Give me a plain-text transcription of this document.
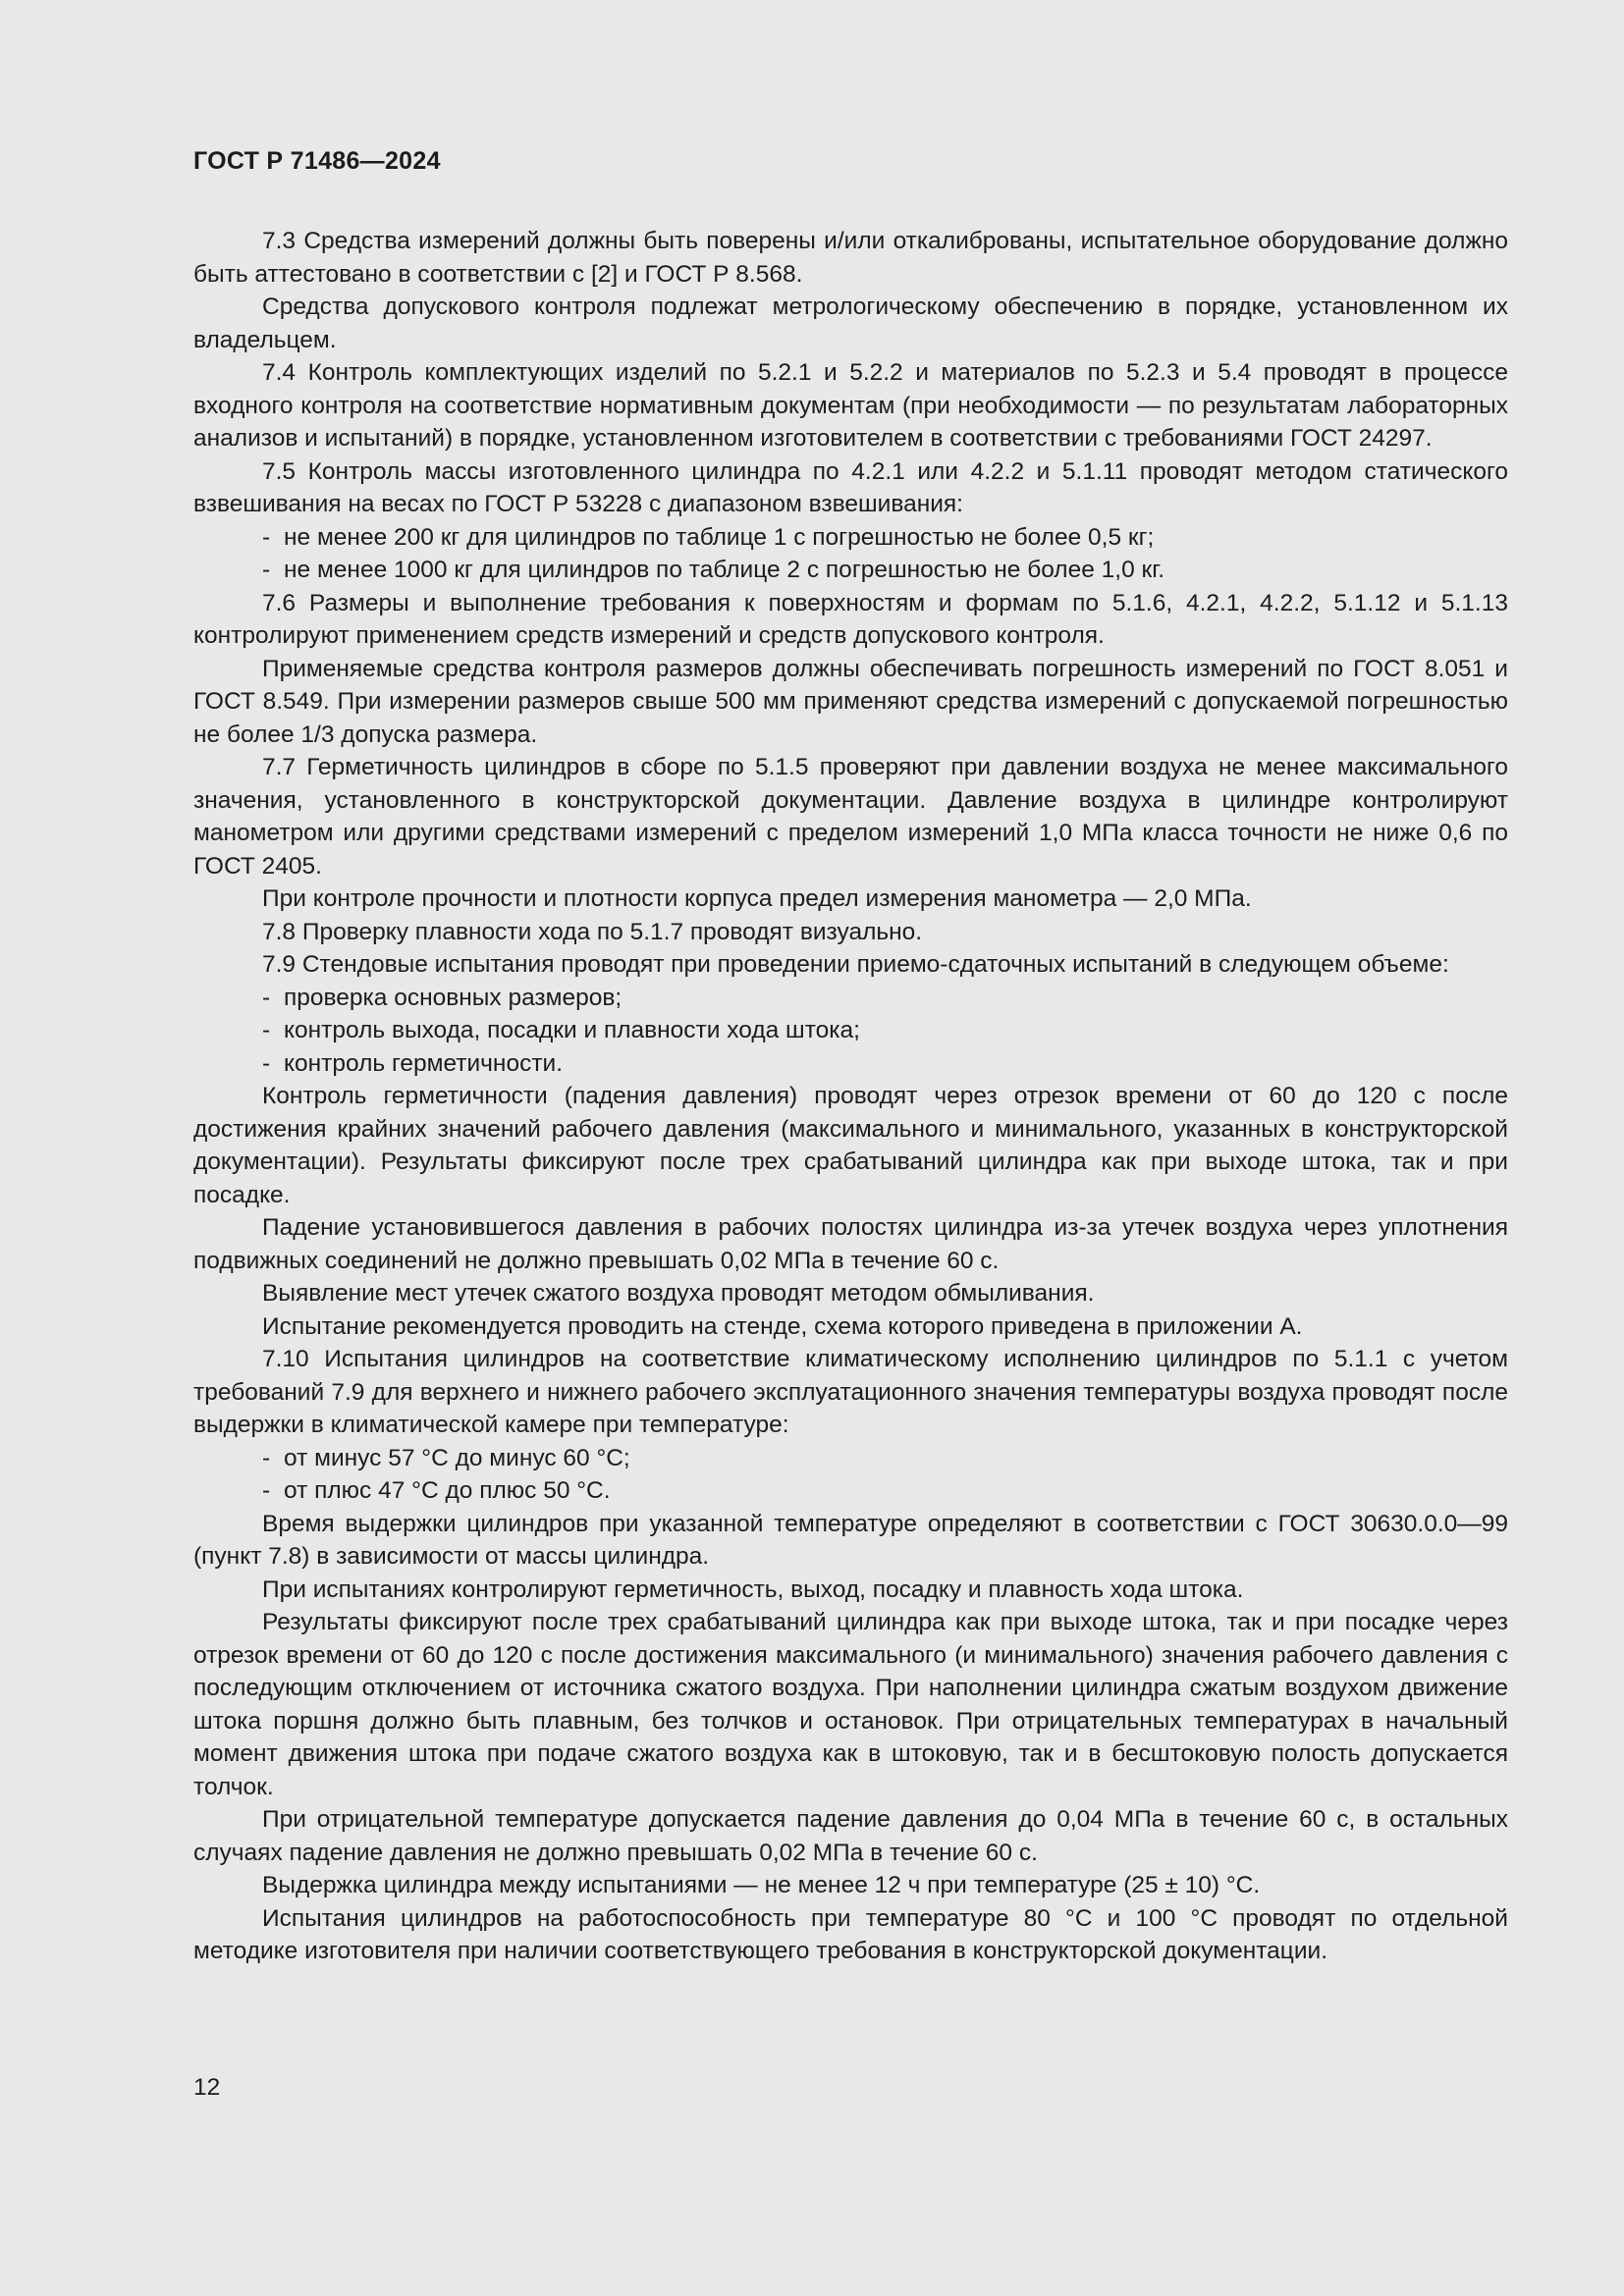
ГОСТ Р 71486—2024

7.3 Средства измерений должны быть поверены и/или откалиброваны, испытательное оборудование должно быть аттестовано в соответствии с [2] и ГОСТ Р 8.568.

Средства допускового контроля подлежат метрологическому обеспечению в порядке, установленном их владельцем.

7.4 Контроль комплектующих изделий по 5.2.1 и 5.2.2 и материалов по 5.2.3 и 5.4 проводят в процессе входного контроля на соответствие нормативным документам (при необходимости — по результатам лабораторных анализов и испытаний) в порядке, установленном изготовителем в соответствии с требованиями ГОСТ 24297.

7.5 Контроль массы изготовленного цилиндра по 4.2.1 или 4.2.2 и 5.1.11 проводят методом статического взвешивания на весах по ГОСТ Р 53228 с диапазоном взвешивания:

- не менее 200 кг для цилиндров по таблице 1 с погрешностью не более 0,5 кг;

- не менее 1000 кг для цилиндров по таблице 2 с погрешностью не более 1,0 кг.

7.6 Размеры и выполнение требования к поверхностям и формам по 5.1.6, 4.2.1, 4.2.2, 5.1.12 и 5.1.13 контролируют применением средств измерений и средств допускового контроля.

Применяемые средства контроля размеров должны обеспечивать погрешность измерений по ГОСТ 8.051 и ГОСТ 8.549. При измерении размеров свыше 500 мм применяют средства измерений с допускаемой погрешностью не более 1/3 допуска размера.

7.7 Герметичность цилиндров в сборе по 5.1.5 проверяют при давлении воздуха не менее максимального значения, установленного в конструкторской документации. Давление воздуха в цилиндре контролируют манометром или другими средствами измерений с пределом измерений 1,0 МПа класса точности не ниже 0,6 по ГОСТ 2405.

При контроле прочности и плотности корпуса предел измерения манометра — 2,0 МПа.

7.8 Проверку плавности хода по 5.1.7 проводят визуально.

7.9 Стендовые испытания проводят при проведении приемо-сдаточных испытаний в следующем объеме:

- проверка основных размеров;

- контроль выхода, посадки и плавности хода штока;

- контроль герметичности.

Контроль герметичности (падения давления) проводят через отрезок времени от 60 до 120 с после достижения крайних значений рабочего давления (максимального и минимального, указанных в конструкторской документации). Результаты фиксируют после трех срабатываний цилиндра как при выходе штока, так и при посадке.

Падение установившегося давления в рабочих полостях цилиндра из-за утечек воздуха через уплотнения подвижных соединений не должно превышать 0,02 МПа в течение 60 с.

Выявление мест утечек сжатого воздуха проводят методом обмыливания.

Испытание рекомендуется проводить на стенде, схема которого приведена в приложении А.

7.10 Испытания цилиндров на соответствие климатическому исполнению цилиндров по 5.1.1 с учетом требований 7.9 для верхнего и нижнего рабочего эксплуатационного значения температуры воздуха проводят после выдержки в климатической камере при температуре:

- от минус 57 °С до минус 60 °С;

- от плюс 47 °С до плюс 50 °С.

Время выдержки цилиндров при указанной температуре определяют в соответствии с ГОСТ 30630.0.0—99 (пункт 7.8) в зависимости от массы цилиндра.

При испытаниях контролируют герметичность, выход, посадку и плавность хода штока.

Результаты фиксируют после трех срабатываний цилиндра как при выходе штока, так и при посадке через отрезок времени от 60 до 120 с после достижения максимального (и минимального) значения рабочего давления с последующим отключением от источника сжатого воздуха. При наполнении цилиндра сжатым воздухом движение штока поршня должно быть плавным, без толчков и остановок. При отрицательных температурах в начальный момент движения штока при подаче сжатого воздуха как в штоковую, так и в бесштоковую полость допускается толчок.

При отрицательной температуре допускается падение давления до 0,04 МПа в течение 60 с, в остальных случаях падение давления не должно превышать 0,02 МПа в течение 60 с.

Выдержка цилиндра между испытаниями — не менее 12 ч при температуре (25 ± 10) °С.

Испытания цилиндров на работоспособность при температуре 80 °С и 100 °С проводят по отдельной методике изготовителя при наличии соответствующего требования в конструкторской документации.

12
